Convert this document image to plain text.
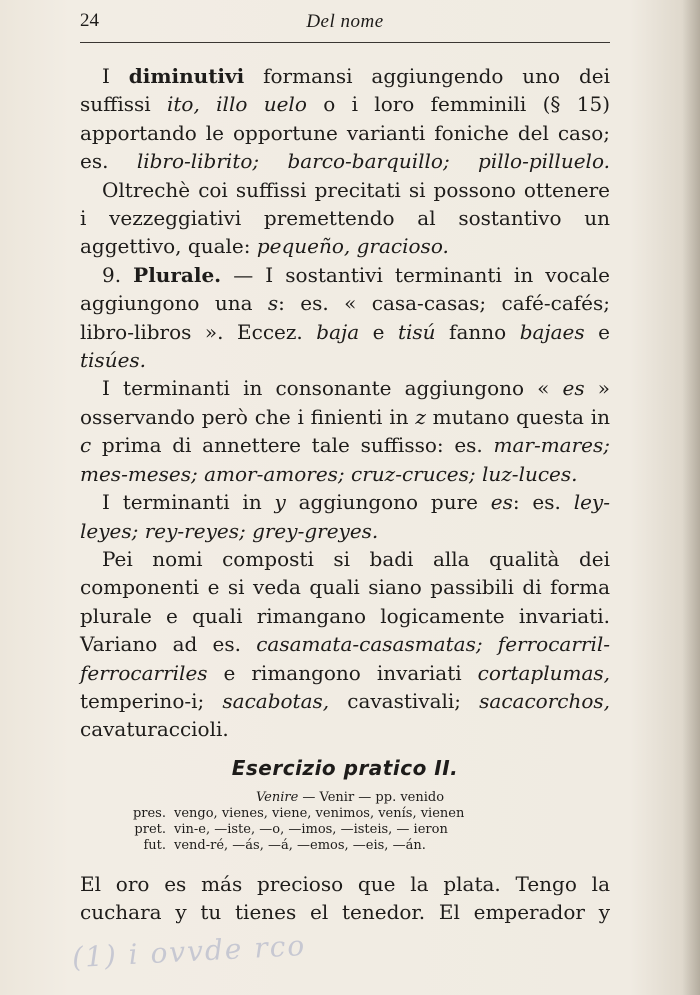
24	Del nome

I diminutivi formansi aggiungendo uno dei suffissi ito, illo uelo o i loro femminili (§ 15) apportando le opportune varianti foniche del caso; es. libro-librito; barco-barquillo; pillo-pilluelo.

Oltrechè coi suffissi precitati si possono ottenere i vezzeggiativi premettendo al sostantivo un aggettivo, quale: pequeño, gracioso.

9. Plurale. — I sostantivi terminanti in vocale aggiungono una s: es. « casa-casas; café-cafés; libro-libros ». Eccez. baja e tisú fanno bajaes e tisúes.

I terminanti in consonante aggiungono « es » osservando però che i finienti in z mutano questa in c prima di annettere tale suffisso: es. mar-mares; mes-meses; amor-amores; cruz-cruces; luz-luces.

I terminanti in y aggiungono pure es: es. ley-leyes; rey-reyes; grey-greyes.

Pei nomi composti si badi alla qualità dei componenti e si veda quali siano passibili di forma plurale e quali rimangano logicamente invariati. Variano ad es. casamata-casasmatas; ferrocarril-ferrocarriles e rimangono invariati cortaplumas, temperino-i; sacabotas, cavastivali; sacacorchos, cavaturaccioli.

Esercizio pratico II.
Venire — Venir — pp. venido
pres. vengo, vienes, viene, venimos, venís, vienen
pret. vin-e, —iste, —o, —imos, —isteis, — ieron
fut. vend-ré, —ás, —á, —emos, —eis, —án.

El oro es más precioso que la plata. Tengo la cuchara y tu tienes el tenedor. El emperador y

(1) i ovvde rco
